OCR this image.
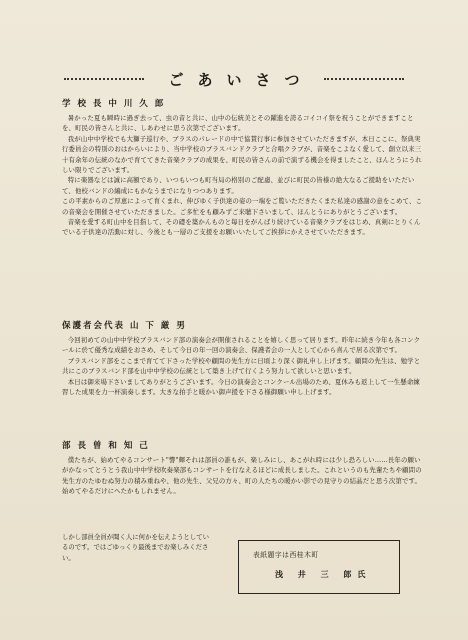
ごあいさつ
学 校 長 中 川 久 郎

暑かった夏も瞬時に過ぎ去って、虫の音と共に、山中の伝統美とその躍進を誇るコイコイ祭を祝うことができますことを、町民の皆さんと共に、しあわせに思う次第でございます。

我が山中中学校でも大獅子巡行や、ブラスのパレードの中で協賛行事に参加させていただきますが、本日ここに、祭典実行委員会の特別のおはからいにより、当中学校のブラスバンドクラブと合唱クラブが、音楽をこよなく愛して、創立以来三十有余年の伝統のなかで育ててきた音楽クラブの成果を、町民の皆さんの前で演ずる機会を得ましたこと、ほんとうにうれしい限りでございます。

特に楽器などは誠に高額であり、いつもいつも町当局の格別のご配慮、並びに町民の皆様の絶大なるご援助をいただいて、他校バンドの編成にもかなうまでになりつつあります。

この平素からのご厚恵によって育くまれ、伸びゆく子供達の姿の一端をご覧いただきたくまた私達の感謝の意をこめて、この音楽会を開催させていただきました。ご多忙をも顧みずご来聴下さいまして、ほんとうにありがとうございます。

音楽を愛する町山中を目指して、その礎を築かんものと毎日をがんばり続けている音楽クラブをはじめ、真剣にとりくんでいる子供達の活動に対し、今後とも一層のご支援をお願いいたしてご挨拶にかえさせていただきます。

保護者会代表 山 下 厳 男

今回初めての山中中学校ブラスバンド部の演奏会が開催されることを嬉しく思って居ります。昨年に続き今年も各コンクールに於て優秀な成績をおさめ、そして今日の年一回の演奏会、保護者会の一人として心から喜んで居る次第です。

ブラスバンド部をここまで育てて下さった学校や顧問の先生方に日頃より深く御礼申し上げます。顧問の先生は、勉学と共にこのブラスバンド部を山中中学校の伝統として築き上げて行くよう努力して欲しいと思います。

本日は御来場下さいましてありがとうございます。今日の演奏会とコンクール出場のため、夏休みも返上して一生懸命練習した成果を力一杯演奏します。大きな拍手と暖かい御声援を下さる様御願い申し上げます。

部 長 曽 和 知 己

僕たちが、始めてやるコンサート"響"輝それは部員の誰もが、楽しみにし、あこがれ時には少し恐ろしい……長年の願いがかなってとうとう我山中中学校吹奏楽部もコンサートを行なえるほどに成長しました。これというのも先輩たちや顧問の先生方のたゆむぬ努力の積み重ねや、他の先生、父兄の方々、町の人たちの暖かい影での見守りの結晶だと思う次第です。始めてやるだけにへたかもしれません。

しかし部員全員が聞く人に何かを伝えようとしているのです。ではごゆっくり最後までお楽しみください。	表紙題字は西桂木町
浅 井 三 郎氏
